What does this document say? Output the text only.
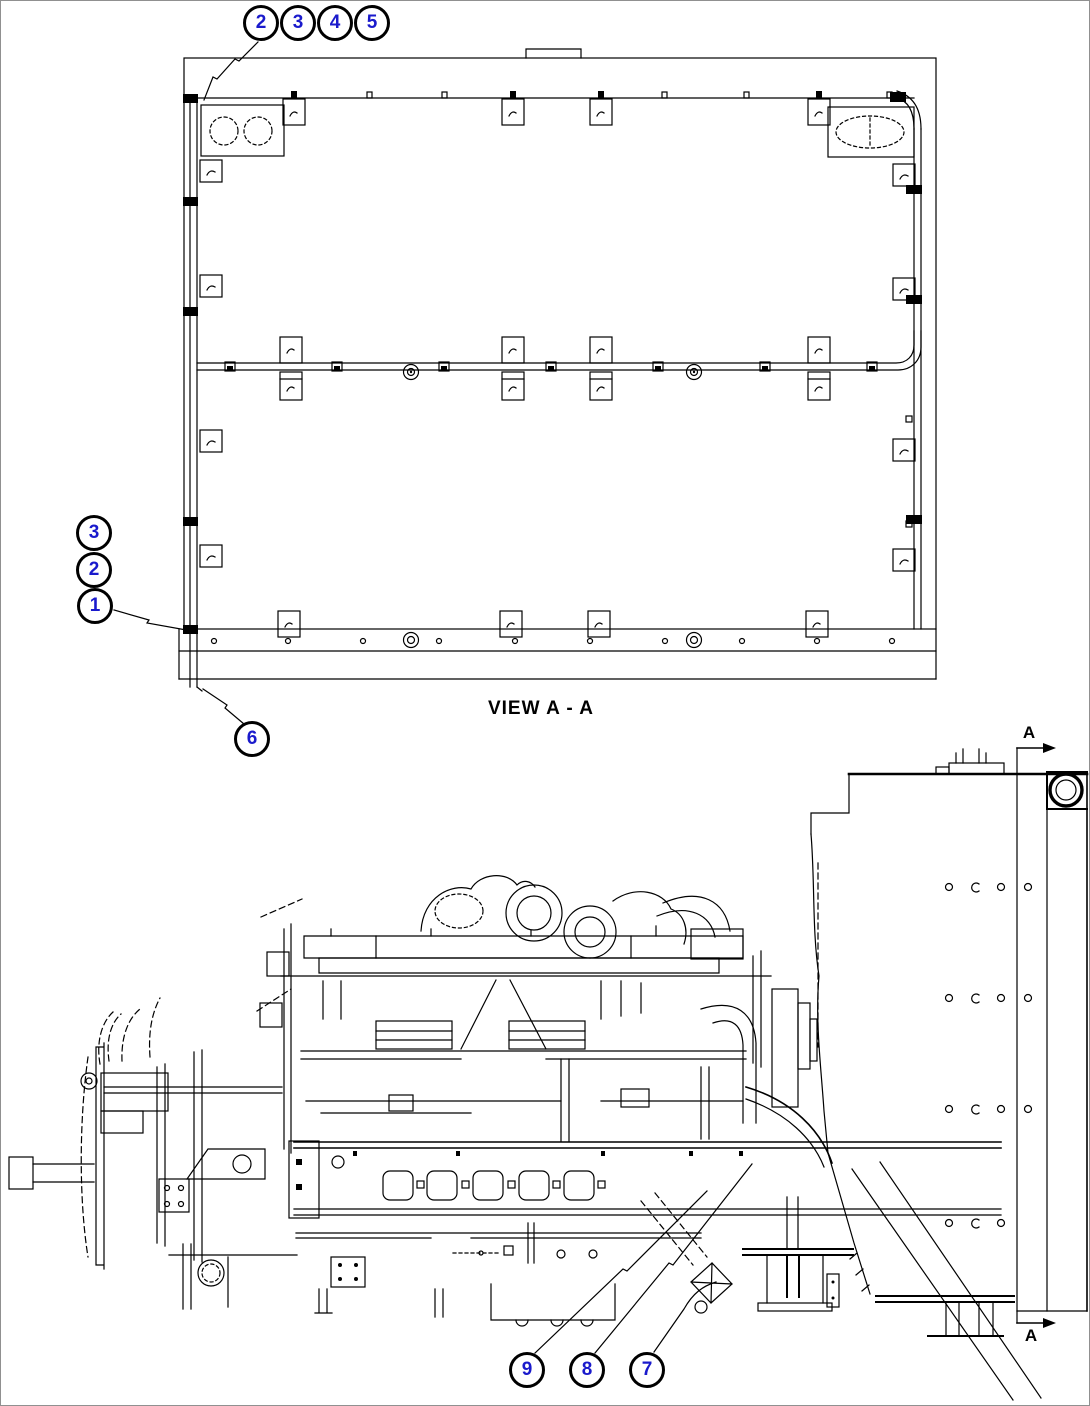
2 3 4 5
3
2
1
6
9	8	7
VIEW A - A
A
A
